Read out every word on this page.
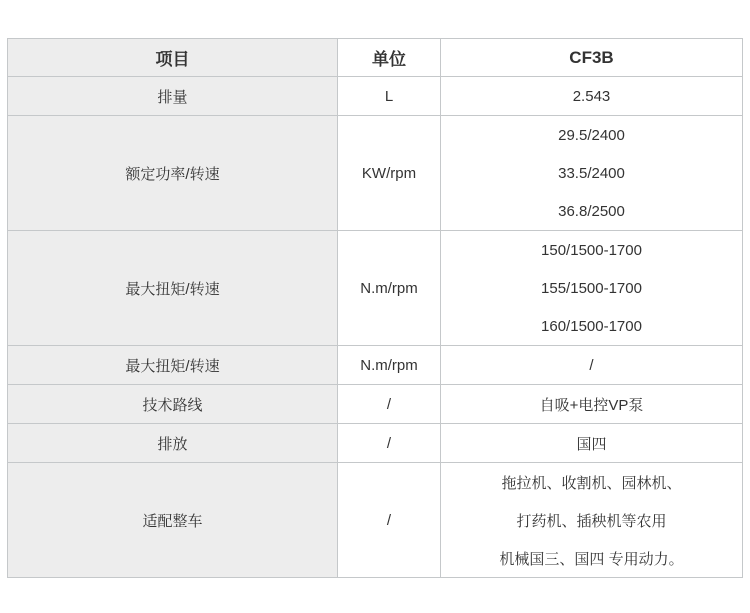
项目	单位	CF3B
排量	L	2.543

额定功率/转速	KW/rpm	29.5/2400
33.5/2400
36.8/2500

最大扭矩/转速	N.m/rpm	150/1500-1700
155/1500-1700
160/1500-1700

最大扭矩/转速	N.m/rpm	/

技术路线	/	自吸+电控VP泵

排放	/	国四

适配整车	/	拖拉机、收割机、园林机、
打药机、插秧机等农用
机械国三、国四 专用动力。
